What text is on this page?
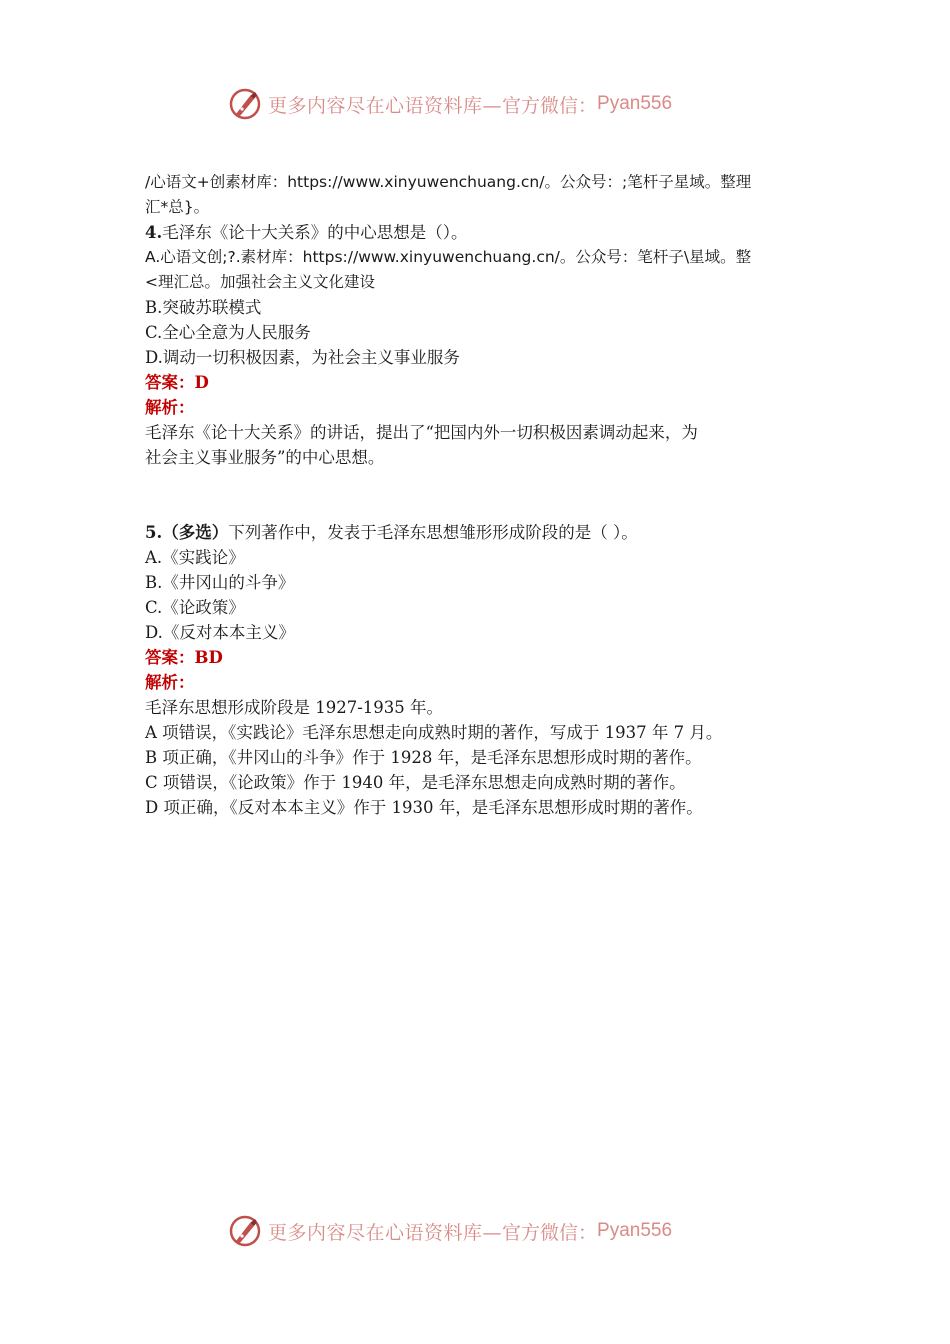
更多内容尽在心语资料库— 官方微信： Pyan556
/心语文+创素材库：https://www.xinyuwenchuang.cn/。公众号：;笔杆子星域。整理
汇*总}。
4.毛泽东《论十大关系》的中心思想是（）。
A.心语文创;?.素材库：https://www.xinyuwenchuang.cn/。公众号：笔杆子\星域。整
<理汇总。加强社会主义文化建设
B.突破苏联模式
C.全心全意为人民服务
D.调动一切积极因素，为社会主义事业服务
答案：D
解析：
毛泽东《论十大关系》的讲话，提出了“把国内外一切积极因素调动起来，为
社会主义事业服务”的中心思想。
5.（多选）下列著作中，发表于毛泽东思想雏形形成阶段的是（ ）。
A.《实践论》
B.《井冈山的斗争》
C.《论政策》
D.《反对本本主义》
答案：BD
解析：
毛泽东思想形成阶段是 1927-1935 年。
A 项错误，《实践论》毛泽东思想走向成熟时期的著作，写成于 1937 年 7 月。
B 项正确，《井冈山的斗争》作于 1928 年，是毛泽东思想形成时期的著作。
C 项错误，《论政策》作于 1940 年，是毛泽东思想走向成熟时期的著作。
D 项正确，《反对本本主义》作于 1930 年，是毛泽东思想形成时期的著作。
更多内容尽在心语资料库— 官方微信： Pyan556
